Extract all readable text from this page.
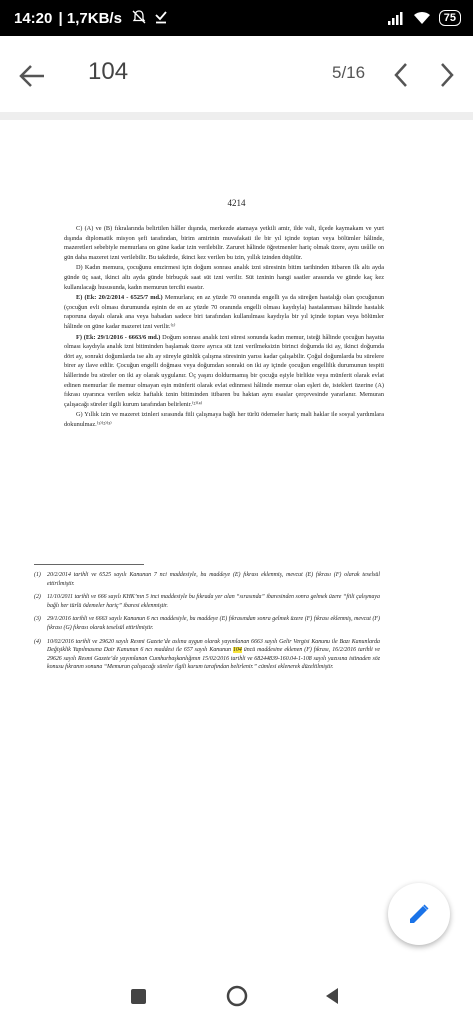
14:20 | 1,7KB/s	75
104	5/16
4214

C) (A) ve (B) fıkralarında belirtilen hâller dışında, merkezde atamaya yetkili amir, ilde vali, ilçede kaymakam ve yurt dışında diplomatik misyon şefi tarafından, birim amirinin muvafakati ile bir yıl içinde toptan veya bölümler hâlinde, mazeretleri sebebiyle memurlara on güne kadar izin verilebilir. Zaruret hâlinde öğretmenler hariç olmak üzere, aynı usûlle on gün daha mazeret izni verilebilir. Bu takdirde, ikinci kez verilen bu izin, yıllık izinden düşülür.

D) Kadın memura, çocuğunu emzirmesi için doğum sonrası analık izni süresinin bitim tarihinden itibaren ilk altı ayda günde üç saat, ikinci altı ayda günde birbuçuk saat süt izni verilir. Süt izninin hangi saatler arasında ve günde kaç kez kullanılacağı hususunda, kadın memurun tercihi esastır.

E) (Ek: 20/2/2014 - 6525/7 md.) Memurlara; en az yüzde 70 oranında engelli ya da süreğen hastalığı olan çocuğunun (çocuğun evli olması durumunda eşinin de en az yüzde 70 oranında engelli olması kaydıyla) hastalanması hâlinde hastalık raporuna dayalı olarak ana veya babadan sadece biri tarafından kullanılması kaydıyla bir yıl içinde toptan veya bölümler hâlinde on güne kadar mazeret izni verilir.⁽¹⁾

F) (Ek: 29/1/2016 - 6663/6 md.) Doğum sonrası analık izni süresi sonunda kadın memur, isteği hâlinde çocuğun hayatta olması kaydıyla analık izni bitiminden başlamak üzere ayrıca süt izni verilmeksizin birinci doğumda iki ay, ikinci doğumda dört ay, sonraki doğumlarda ise altı ay süreyle günlük çalışma süresinin yarısı kadar çalışabilir. Çoğul doğumlarda bu sürelere birer ay ilave edilir. Çocuğun engelli doğması veya doğumdan sonraki on iki ay içinde çocuğun engellilik durumunun tespiti hâllerinde bu süreler on iki ay olarak uygulanır. Üç yaşını doldurmamış bir çocuğu eşiyle birlikte veya münferit olarak evlat edinen memurlar ile memur olmayan eşin münferit olarak evlat edinmesi hâlinde memur olan eşleri de, istekleri üzerine (A) fıkrası uyarınca verilen sekiz haftalık iznin bitiminden itibaren bu haktan aynı esaslar çerçevesinde yararlanır. Memuran çalışacağı süreler ilgili kurum tarafından belirlenir.⁽²⁾⁽⁴⁾

G) Yıllık izin ve mazeret izinleri sırasında fiili çalışmaya bağlı her türlü ödemeler hariç mali haklar ile sosyal yardımlara dokunulmaz.⁽¹⁾⁽²⁾⁽³⁾

(1)	20/2/2014 tarihli ve 6525 sayılı Kanunun 7 nci maddesiyle, bu maddeye (E) fıkrası eklenmiş, mevcut (E) fıkrası (F) olarak teselsül ettirilmiştir.
(2)	11/10/2011 tarihli ve 666 sayılı KHK’nın 5 inci maddesiyle bu fıkrada yer alan “sırasında” ibaresinden sonra gelmek üzere “fiili çalışmaya bağlı her türlü ödemeler hariç” ibaresi eklenmiştir.
(3)	29/1/2016 tarihli ve 6663 sayılı Kanunun 6 ncı maddesiyle, bu maddeye (E) fıkrasından sonra gelmek üzere (F) fıkrası eklenmiş, mevcut (F) fıkrası (G) fıkrası olarak teselsül ettirilmiştir.
(4)	10/02/2016 tarihli ve 29620 sayılı Resmi Gazete’de aslına uygun olarak yayımlanan 6663 sayılı Gelir Vergisi Kanunu ile Bazı Kanunlarda Değişiklik Yapılmasına Dair Kanunun 6 ncı maddesi ile 657 sayılı Kanunun 104 üncü maddesine eklenen (F) fıkrası, 16/2/2016 tarihli ve 29626 sayılı Resmi Gazete’de yayımlanan Cumhurbaşkanlığının 15/02/2016 tarihli ve 68244839-160.04-1-108 sayılı yazısına istinaden söz konusu fıkranın sonuna “Memurun çalışacağı süreler ilgili kurum tarafından belirlenir.” cümlesi eklenerek düzeltilmiştir.
